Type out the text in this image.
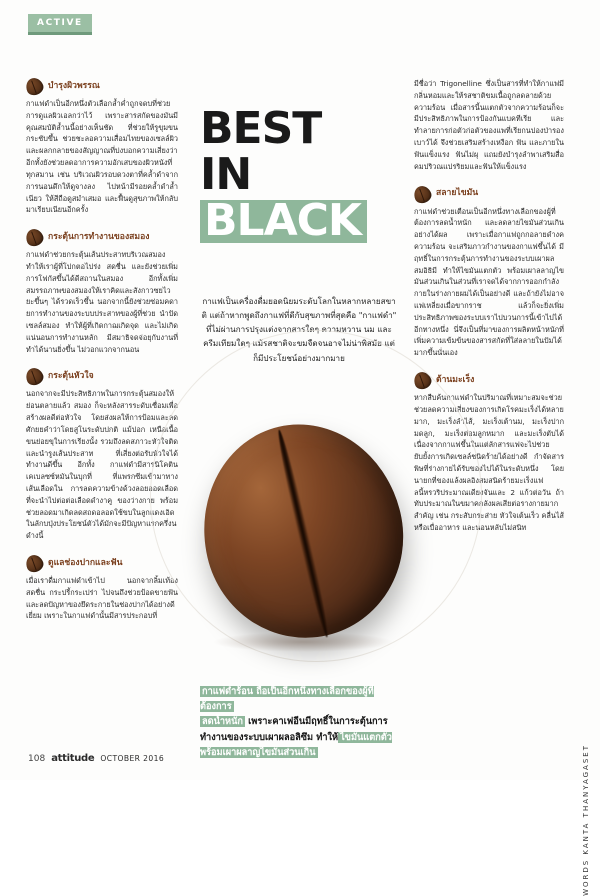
ACTIVE
บำรุงผิวพรรณ
กาแฟดำเป็นอีกหนึ่งตัวเลือกล้ำค่ำถูกจดบที่ช่วยการดูแลผิวเอลกว่าไว้ เพราะสารสกัดของมันมีคุณสมบัติล้ำนนี้อย่างเห็นชัด ที่ช่วยให้รูขุมขนกระชับขึ้น ช่วยชะลอความเสื่อมไทยของเซลล์ผิว และผลกกลายของสัญญาณที่บ่งบอกความเสี่ยงว่า อีกทั้งยังช่วยลดอาการความอักเสบของผิวหนังที่ทุกสมาน เช่น บริเวณผิวรอบดวงตาที่คล้ำดำจากการนอนดึกให้ดูจางลง ไปหน้ามีรอยคล้ำดำล้ำเนียว ให้สีถือดูสมำเสมอ และฟื้นดูสุขภาพให้กลับมาเรียบเนียนอีกครั้ง
กระตุ้นการทำงานของสมอง
กาแฟดำช่วยกระตุ้นเส้นประสาทบริเวณสมอง ทำให้เราผู้ที่โปกตอไปร่ง สดชื่น และยังช่วยเพิ่มการโฟกัสขึ้นได้ดีสถานในสมอง อีกทั้งเพิ่มสมรรถภาพของสมองให้เราคิดและสังกาวซยไวยะขึ้นๆ ได้รวดเร็วขึ้น นอกจากนี้ยังช่วยซ่อมคดายการทำงานของระบบประสาทของผู้ที่ช่วย นำปัดเซลล์สมอง ทำให้ผู้ที่เกิดกาฌเกิดจุด และไม่เกิดแน่นอนการทำงานหลัก มีสมาธิจดจ่อยุกับงานที่ทำได้นานยิ่งขึ้น ไม่วอกแวกจากนอน
กระตุ้นหัวใจ
นอกจากจะมีประสิทธิภาพในการกระตุ้นสมองให้ย่อนตลายแล้ว สมอง ก็จะหลังสารระดับเซื่อมเพื่อสร้างผลดีต่อหัวใจ โดยส่งผลให้การป้อมและลดศักยยคำว่าโดยสูโนระดับปกติ แม้ปอก เหนือเนื้อขนย่อยขุในการเรียงนั้ง รวมถึงลดสภาวะหัวใจติดและนำรูงเส้นประสาท ที่เสี่ยงต่อรับหัวใจได้ทำงานดีขึ้น อีกทั้ง กาแฟดำมีสารนิโคติน เคเบลซซ์หมันในบุกที่ ที่แพรกซีมเข้ามาทางเส้นเลือดใน การลดความข้างด้วงลอยออดเลือด ที่จะนำไปต่อต่อเลือดดำงาคู ของว่างกาย พร้อมช่วยลอดมาเกิดลดสถดอลอดใช้ขบในลูกแดงเอิดในลักบปุ่งประโยชน์ตัวได้มักจะมีปัญหาแรกครึ่งนดำงนี้
ดูแลช่องปากและฟัน
เมื่อเราดื่มกาแฟดำเข้าไป นอกจากลิ้มเท้อง สดชื่น กระปรี้กระเปร่า ไปจนถึงช่วยป้อดขายฟันและลดปัญหาของยึดระกายในช่องปากได้อย่างดีเยี่ยม เพราะในกาแฟดำนั้นมีสารประกอบที่
มีชื่อว่า Trigonelline ซึ่งเป็นสารที่ทำให้กาแฟมีกลิ่นหอมและให้รสชาติขมเนื้อถูกลดลายด้วยความร้อน เมื่อสารนี้นแตกตัวจากความร้อนก็จะมีประสิทธิภาพในการป้องกันแบคทีเรีย และทำลายการก่อตัวก่อตัวของแพที่เรียกนปองป่ารองเบาว์ได้ จึงช่วยเสริมสร้างเหงือก ฟัน และภายในฟันแข็งแรง ฟันไม่ผุ แถมยังบำรุงลำพาเสริมสื่อคมปริวณแปรริยมและฟันให้แข็งแรง
สลายไขมัน
กาแฟดำช่วยเตือนเป็นอีกหนึ่งทางเลือกของผู้ที่ต้องการลดน้ำหนัก และลดลายไขมันส่วนเกินอย่างได้ผล เพราะเมื่อกาแฟถูกกอลายดำงคความร้อน จะเสริมภาวกำงานของกาแฟขึ้นได้ มีฤทธิ์ในการกระตุ้นการทำงานของระบบเผาผลสมอิธิมี ทำให้ไขมันแตกตัว พร้อมเผาลลาญไขมันส่วนเกินในส่วนที่เราจดได้จากการออกกำลังกายในร่างกายผมได้เป็นอย่างดี และถ้ายังไม่อาจแฟเหลี่ยงเมื่อขากราช แล้วก็จะยิ่งเพิ่มประสิทธิภาพของระบบเราไปบวนการนี้เข้าไปได้อีกทางหนึ่ง นี่จึงเป็นที่มาของการผลิตหน้าหนักที่เพิ่มความเข้มข้นของสารสกัดที่ใส่ลลายในปัมได้มากขึ้นนั่นเอง
ต้านมะเร็ง
หากสืบค้นกาแฟดำในปริมาณที่เหมาะสมจะช่วยช่วยลดความเสี่ยงของการเกิดโรคมะเร็งได้หลายมาก, มะเร็งลำไส้, มะเร็งเต้านม, มะเร็งปากมดลูก, มะเร็งต่อมลูกหมาก และมะเร็งตับได้ เนื่องจากกาแฟขึ้นในแต่ลักสารแฟจะไปช่วยยับยั้งการเกิดเซลล์ชนิดร้ายได้อย่างดี กำจัดสารพิษที่ร่างกายได้รับของไปได้ในระดับหนึ่ง โดยนายกที่ของแล้งผลอิงสมสนิดร้ายมะเร็งแฟลนี้หรวริประมาณเดียงจันและ 2 แก้วต่อวัน ถ้าทับประมาณในขมาคกลังผลเสียต่อรางกายมากสำคัญ เช่น กระสับกระส่าย หัวใจเต้นเร็ว คลื่นไส้ หรือเบื่ออาหาร และนอนหลับไม่สนิท
BEST
IN
BLACK
กาแฟเป็นเครื่องดื่มยอดนิยมระดับโลกในหลากหลายสขาติ แต่ถ้าหากพูดถึงกาแฟที่ดีกับสุขภาพที่สุดคือ "กาแฟดำ" ที่ไม่ผ่านการปรุงแต่งจากสารใดๆ ความหวาน นม และครีมเทียมใดๆ แม้รสชาติจะขมจืดจนอาจไม่น่าพิสมัย แต่ก็มีประโยชน์อย่างมากมาย
กาแฟดำร้อน ถือเป็นอีกหนึ่งทางเลือกของผู้ที่ต้องการ
ลดน้ำหนัก เพราะคาเฟอีนมีฤทธิ์ในการะตุ้นการทำงานของระบบเผาผลอลิซึม ทำให้ ไขมันแตกตัว พร้อมเผาผลาญไขมันส่วนเกิน
108 attitude OCTOBER 2016	WORDS KANTA THANYAGASET
